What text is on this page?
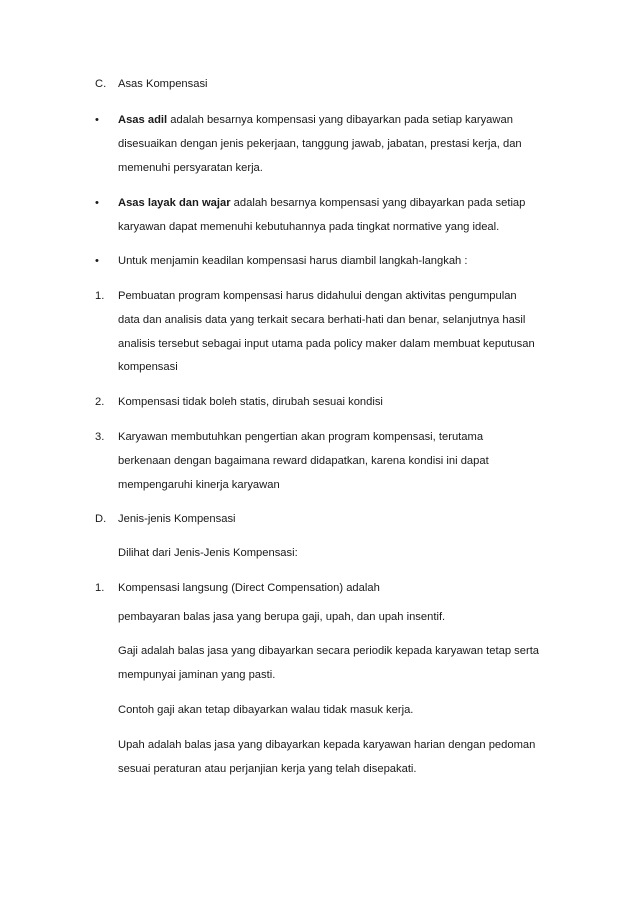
C. Asas Kompensasi
• Asas adil adalah besarnya kompensasi yang dibayarkan pada setiap karyawan
disesuaikan dengan jenis pekerjaan, tanggung jawab, jabatan, prestasi kerja, dan
memenuhi persyaratan kerja.
• Asas layak dan wajar adalah besarnya kompensasi yang dibayarkan pada setiap
karyawan dapat memenuhi kebutuhannya pada tingkat normative yang ideal.
• Untuk menjamin keadilan kompensasi harus diambil langkah-langkah :
1. Pembuatan program kompensasi harus didahului dengan aktivitas pengumpulan
data dan analisis data yang terkait secara berhati-hati dan benar, selanjutnya hasil
analisis tersebut sebagai input utama pada policy maker dalam membuat keputusan
kompensasi
2. Kompensasi tidak boleh statis, dirubah sesuai kondisi
3. Karyawan membutuhkan pengertian akan program kompensasi, terutama
berkenaan dengan bagaimana reward didapatkan, karena kondisi ini dapat
mempengaruhi kinerja karyawan
D. Jenis-jenis Kompensasi
Dilihat dari Jenis-Jenis Kompensasi:
1. Kompensasi langsung (Direct Compensation) adalah
pembayaran balas jasa yang berupa gaji, upah, dan upah insentif.
Gaji adalah balas jasa yang dibayarkan secara periodik kepada karyawan tetap serta
mempunyai jaminan yang pasti.
Contoh gaji akan tetap dibayarkan walau tidak masuk kerja.
Upah adalah balas jasa yang dibayarkan kepada karyawan harian dengan pedoman
sesuai peraturan atau perjanjian kerja yang telah disepakati.
